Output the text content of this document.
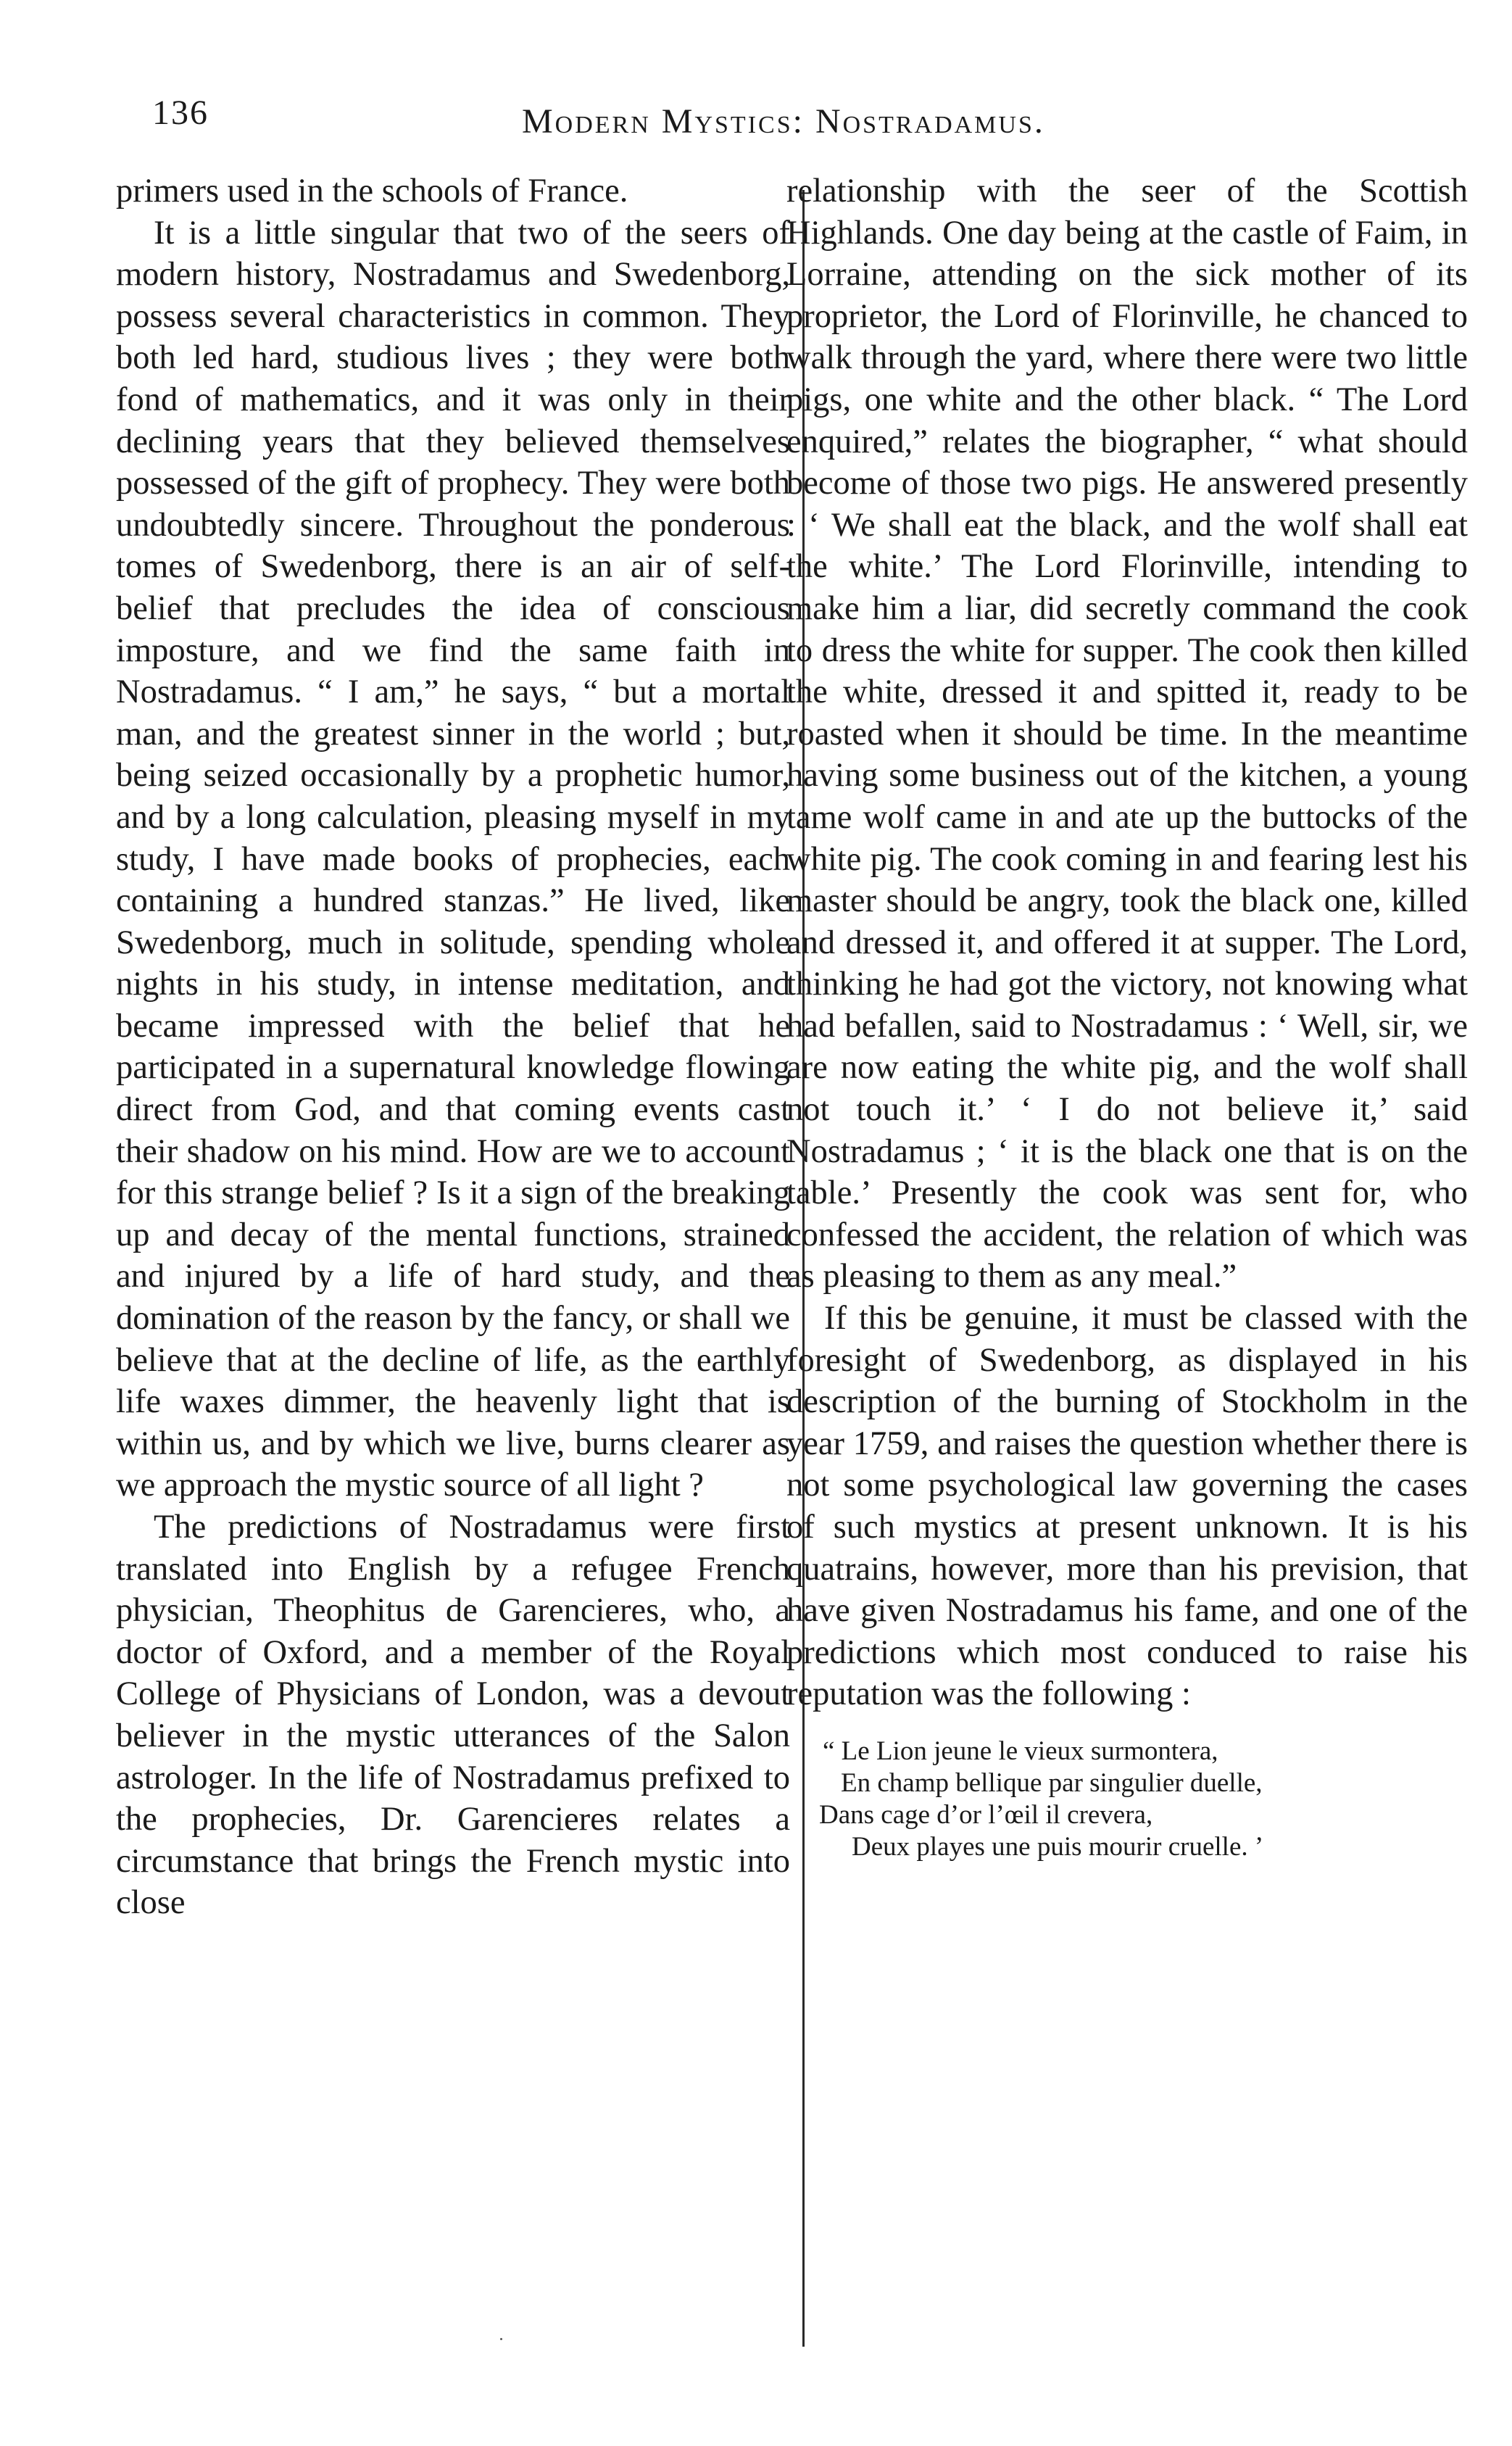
136	Modern Mystics: Nostradamus.

primers used in the schools of France.

It is a little singular that two of the seers of modern history, Nostradamus and Swedenborg, possess several characteristics in common. They both led hard, studious lives ; they were both fond of mathematics, and it was only in their declining years that they believed themselves possessed of the gift of prophecy. They were both undoubtedly sincere. Throughout the ponderous tomes of Swedenborg, there is an air of self-belief that precludes the idea of conscious imposture, and we find the same faith in Nostradamus. “ I am,” he says, “ but a mortal man, and the greatest sinner in the world ; but, being seized occasionally by a prophetic humor, and by a long calculation, pleasing myself in my study, I have made books of prophecies, each containing a hundred stanzas.” He lived, like Swedenborg, much in solitude, spending whole nights in his study, in intense meditation, and became impressed with the belief that he participated in a supernatural knowledge flowing direct from God, and that coming events cast their shadow on his mind. How are we to account for this strange belief ? Is it a sign of the breaking up and decay of the mental functions, strained and injured by a life of hard study, and the domination of the reason by the fancy, or shall we believe that at the decline of life, as the earthly life waxes dimmer, the heavenly light that is within us, and by which we live, burns clearer as we approach the mystic source of all light ?

The predictions of Nostradamus were first translated into English by a refugee French physician, Theophitus de Garencieres, who, a doctor of Oxford, and a member of the Royal College of Physicians of London, was a devout believer in the mystic utterances of the Salon astrologer. In the life of Nostradamus prefixed to the prophecies, Dr. Garencieres relates a circumstance that brings the French mystic into close

relationship with the seer of the Scottish Highlands. One day being at the castle of Faim, in Lorraine, attending on the sick mother of its proprietor, the Lord of Florinville, he chanced to walk through the yard, where there were two little pigs, one white and the other black. “ The Lord enquired,” relates the biographer, “ what should become of those two pigs. He answered presently : ‘ We shall eat the black, and the wolf shall eat the white.’ The Lord Florinville, intending to make him a liar, did secretly command the cook to dress the white for supper. The cook then killed the white, dressed it and spitted it, ready to be roasted when it should be time. In the meantime having some business out of the kitchen, a young tame wolf came in and ate up the buttocks of the white pig. The cook coming in and fearing lest his master should be angry, took the black one, killed and dressed it, and offered it at supper. The Lord, thinking he had got the victory, not knowing what had befallen, said to Nostradamus : ‘ Well, sir, we are now eating the white pig, and the wolf shall not touch it.’ ‘ I do not believe it,’ said Nostradamus ; ‘ it is the black one that is on the table.’ Presently the cook was sent for, who confessed the accident, the relation of which was as pleasing to them as any meal.”

If this be genuine, it must be classed with the foresight of Swedenborg, as displayed in his description of the burning of Stockholm in the year 1759, and raises the question whether there is not some psychological law governing the cases of such mystics at present unknown. It is his quatrains, however, more than his prevision, that have given Nostradamus his fame, and one of the predictions which most conduced to raise his reputation was the following :

“ Le Lion jeune le vieux surmontera,
En champ bellique par singulier duelle,
Dans cage d’or l’œil il crevera,
Deux playes une puis mourir cruelle. ’
